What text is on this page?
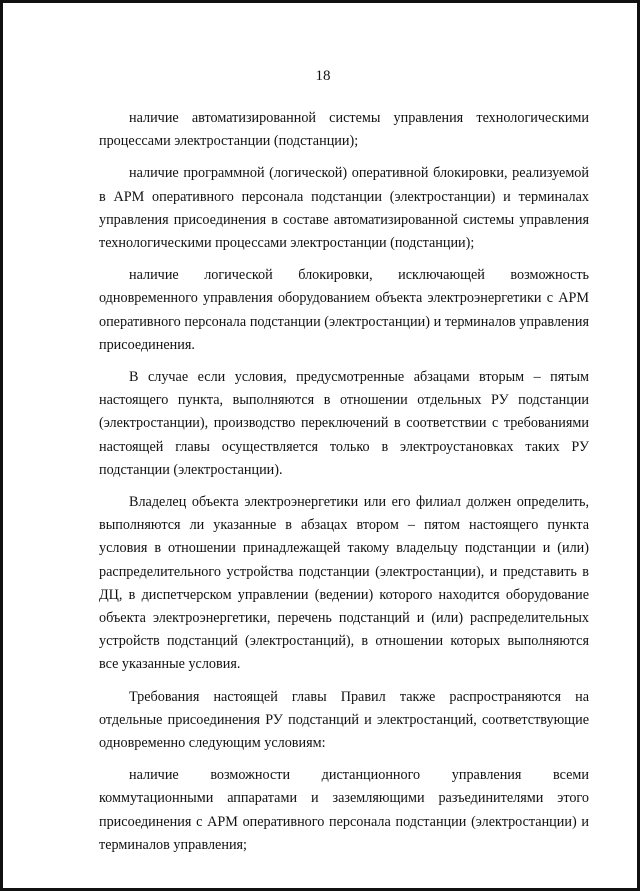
18

наличие автоматизированной системы управления технологическими процессами электростанции (подстанции);

наличие программной (логической) оперативной блокировки, реализуемой в АРМ оперативного персонала подстанции (электростанции) и терминалах управления присоединения в составе автоматизированной системы управления технологическими процессами электростанции (подстанции);

наличие логической блокировки, исключающей возможность одновременного управления оборудованием объекта электроэнергетики с АРМ оперативного персонала подстанции (электростанции) и терминалов управления присоединения.

В случае если условия, предусмотренные абзацами вторым – пятым настоящего пункта, выполняются в отношении отдельных РУ подстанции (электростанции), производство переключений в соответствии с требованиями настоящей главы осуществляется только в электроустановках таких РУ подстанции (электростанции).

Владелец объекта электроэнергетики или его филиал должен определить, выполняются ли указанные в абзацах втором – пятом настоящего пункта условия в отношении принадлежащей такому владельцу подстанции и (или) распределительного устройства подстанции (электростанции), и представить в ДЦ, в диспетчерском управлении (ведении) которого находится оборудование объекта электроэнергетики, перечень подстанций и (или) распределительных устройств подстанций (электростанций), в отношении которых выполняются все указанные условия.

Требования настоящей главы Правил также распространяются на отдельные присоединения РУ подстанций и электростанций, соответствующие одновременно следующим условиям:

наличие возможности дистанционного управления всеми коммутационными аппаратами и заземляющими разъединителями этого присоединения с АРМ оперативного персонала подстанции (электростанции) и терминалов управления;
